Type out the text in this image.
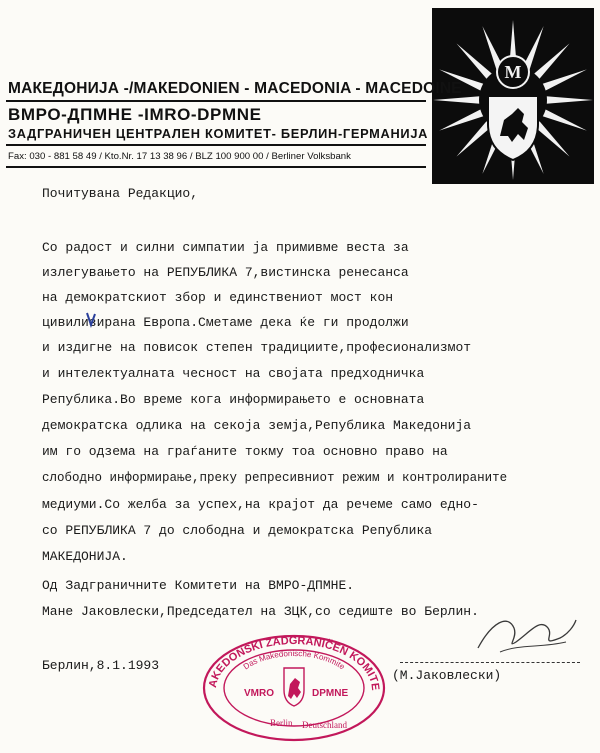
M
МАКЕДОНИЈА -/МАКЕDONIEN - MACEDONIA - MACEDOINE
ВМРО-ДПМНЕ -IMRO-DPMNE
ЗАДГРАНИЧЕН ЦЕНТРАЛЕН КОМИТЕТ- БЕРЛИН-ГЕРМАНИЈА
Fax: 030 - 881 58 49 / Kto.Nr. 17 13 38 96 / BLZ 100 900 00 / Berliner Volksbank
Почитувана Редакцио,
Со радост и силни симпатии ја примивме веста за
излегувањето на РЕПУБЛИКА 7,вистинска ренесанса
на демократскиот збор и единствениот мост кон
цивилизирана Европа.Сметаме дека ќе ги продолжи
и издигне на повисок степен традициите,професионализмот
и интелектуалната чесност на својата предходничка
Република.Во време кога информирањето е основната
демократска одлика на секоја земја,Република Македонија
им го одзема на граѓаните токму тоа основно право на
слободно информирање,преку репресивниот режим и контролираните
медиуми.Со желба за успех,на крајот да речеме само едно-
со РЕПУБЛИКА 7 до слободна и демократска Република
МАКЕДОНИЈА.
Од Задграничните Комитети на ВМРО-ДПМНЕ.
Мане Јаковлески,Председател на ЗЦК,со седиште во Берлин.
Берлин,8.1.1993
(М.Јаковлески)
AKEDONSKI ZADGRANIČEN KOMITE
Das Makedonische Kommite
VMRO	DPMNE
Berlin Deutschland
